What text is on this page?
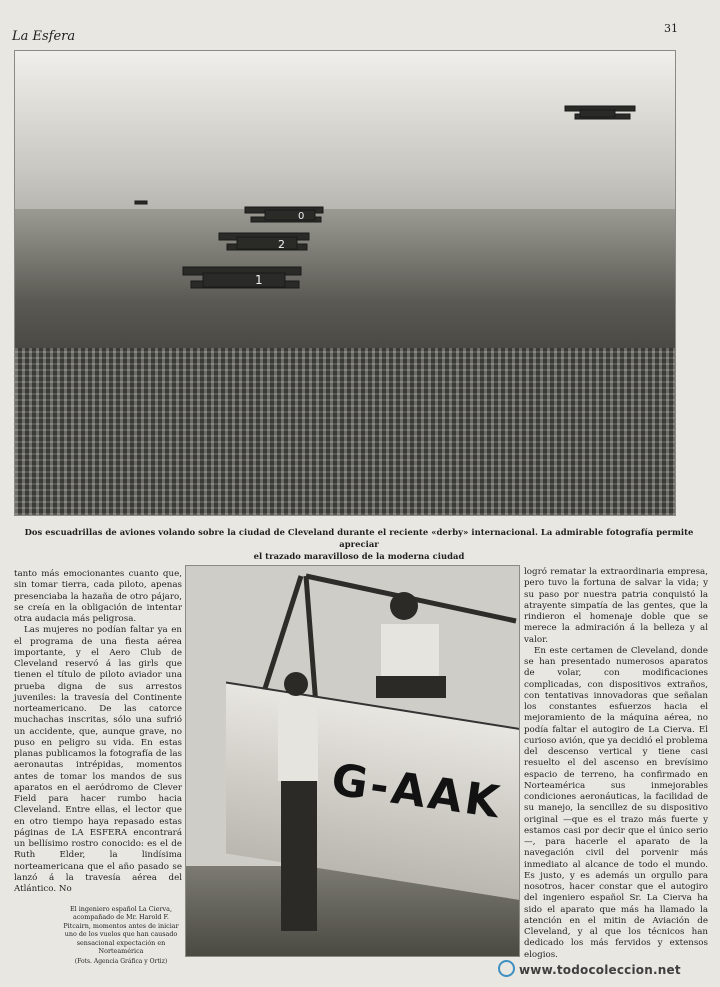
La Esfera
31
0
2
1
Dos escuadrillas de aviones volando sobre la ciudad de Cleveland durante el reciente «derby» internacional. La admirable fotografía permite apreciar
el trazado maravilloso de la moderna ciudad

tanto más emocionantes cuanto que, sin tomar tierra, cada piloto, apenas presenciaba la hazaña de otro pájaro, se creía en la obligación de intentar otra audacia más peligrosa.

Las mujeres no podían faltar ya en el programa de una fiesta aérea importante, y el Aero Club de Cleveland reservó á las girls que tienen el título de piloto aviador una prueba digna de sus arrestos juveniles: la travesía del Continente norteamericano. De las catorce muchachas inscritas, sólo una sufrió un accidente, que, aunque grave, no puso en peligro su vida. En estas planas publicamos la fotografía de las aeronautas intrépidas, momentos antes de tomar los mandos de sus aparatos en el aeródromo de Clever Field para hacer rumbo hacia Cleveland. Entre ellas, el lector que en otro tiempo haya repasado estas páginas de LA ESFERA encontrará un bellísimo rostro conocido: es el de Ruth Elder, la lindísima norteamericana que el año pasado se lanzó á la travesía aérea del Atlántico. No

G-AAK
El ingeniero español La Cierva, acompañado de Mr. Harold F. Pitcairn, momentos antes de iniciar uno de los vuelos que han causado sensacional expectación en Norteamérica
(Fots. Agencia Gráfica y Ortiz)

logró rematar la extraordinaria empresa, pero tuvo la fortuna de salvar la vida; y su paso por nuestra patria conquistó la atrayente simpatía de las gentes, que la rindieron el homenaje doble que se merece la admiración á la belleza y al valor.

En este certamen de Cleveland, donde se han presentado numerosos aparatos de volar, con modificaciones complicadas, con dispositivos extraños, con tentativas innovadoras que señalan los constantes esfuerzos hacia el mejoramiento de la máquina aérea, no podía faltar el autogiro de La Cierva. El curioso avión, que ya decidió el problema del descenso vertical y tiene casi resuelto el del ascenso en brevísimo espacio de terreno, ha confirmado en Norteamérica sus inmejorables condiciones aeronáuticas, la facilidad de su manejo, la sencillez de su dispositivo original —que es el trazo más fuerte y estamos casi por decir que el único serio—, para hacerle el aparato de la navegación civil del porvenir más inmediato al alcance de todo el mundo. Es justo, y es además un orgullo para nosotros, hacer constar que el autogiro del ingeniero español Sr. La Cierva ha sido el aparato que más ha llamado la atención en el mitin de Aviación de Cleveland, y al que los técnicos han dedicado los más fervidos y extensos elogios.

www.todocoleccion.net
